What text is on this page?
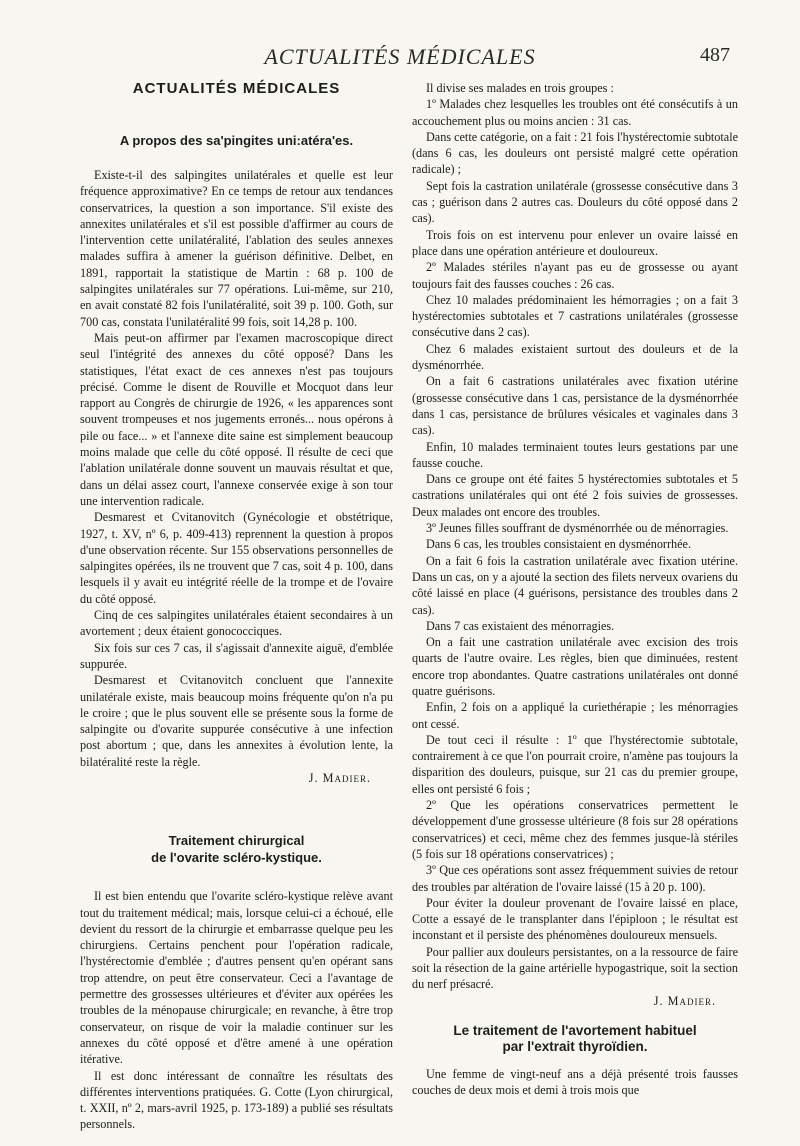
ACTUALITÉS MÉDICALES	487
ACTUALITÉS MÉDICALES
A propos des sa'pingites uni:atéra'es.

Existe-t-il des salpingites unilatérales et quelle est leur fréquence approximative? En ce temps de retour aux tendances conservatrices, la question a son importance. S'il existe des annexites unilatérales et s'il est possible d'affirmer au cours de l'intervention cette unilatéralité, l'ablation des seules annexes malades suffira à amener la guérison définitive. Delbet, en 1891, rapportait la statistique de Martin : 68 p. 100 de salpingites unilatérales sur 77 opérations. Lui-même, sur 210, en avait constaté 82 fois l'unilatéralité, soit 39 p. 100. Goth, sur 700 cas, constata l'unilatéralité 99 fois, soit 14,28 p. 100.

Mais peut-on affirmer par l'examen macroscopique direct seul l'intégrité des annexes du côté opposé? Dans les statistiques, l'état exact de ces annexes n'est pas toujours précisé. Comme le disent de Rouville et Mocquot dans leur rapport au Congrès de chirurgie de 1926, « les apparences sont souvent trompeuses et nos jugements erronés... nous opérons à pile ou face... » et l'annexe dite saine est simplement beaucoup moins malade que celle du côté opposé. Il résulte de ceci que l'ablation unilatérale donne souvent un mauvais résultat et que, dans un délai assez court, l'annexe conservée exige à son tour une intervention radicale.

Desmarest et Cvitanovitch (Gynécologie et obstétrique, 1927, t. XV, nº 6, p. 409-413) reprennent la question à propos d'une observation récente. Sur 155 observations personnelles de salpingites opérées, ils ne trouvent que 7 cas, soit 4 p. 100, dans lesquels il y avait eu intégrité réelle de la trompe et de l'ovaire du côté opposé.

Cinq de ces salpingites unilatérales étaient secondaires à un avortement ; deux étaient gonococciques.

Six fois sur ces 7 cas, il s'agissait d'annexite aiguë, d'emblée suppurée.

Desmarest et Cvitanovitch concluent que l'annexite unilatérale existe, mais beaucoup moins fréquente qu'on n'a pu le croire ; que le plus souvent elle se présente sous la forme de salpingite ou d'ovarite suppurée consécutive à une infection post abortum ; que, dans les annexites à évolution lente, la bilatéralité reste la règle.

J. Madier.

Traitement chirurgical
de l'ovarite scléro-kystique.

Il est bien entendu que l'ovarite scléro-kystique relève avant tout du traitement médical; mais, lorsque celui-ci a échoué, elle devient du ressort de la chirurgie et embarrasse quelque peu les chirurgiens. Certains penchent pour l'opération radicale, l'hystérectomie d'emblée ; d'autres pensent qu'en opérant sans trop attendre, on peut être conservateur. Ceci a l'avantage de permettre des grossesses ultérieures et d'éviter aux opérées les troubles de la ménopause chirurgicale; en revanche, à être trop conservateur, on risque de voir la maladie continuer sur les annexes du côté opposé et d'être amené à une opération itérative.

Il est donc intéressant de connaître les résultats des différentes interventions pratiquées. G. Cotte (Lyon chirurgical, t. XXII, nº 2, mars-avril 1925, p. 173-189) a publié ses résultats personnels.

Il divise ses malades en trois groupes :

1º Malades chez lesquelles les troubles ont été consécutifs à un accouchement plus ou moins ancien : 31 cas.

Dans cette catégorie, on a fait : 21 fois l'hystérectomie subtotale (dans 6 cas, les douleurs ont persisté malgré cette opération radicale) ;

Sept fois la castration unilatérale (grossesse consécutive dans 3 cas ; guérison dans 2 autres cas. Douleurs du côté opposé dans 2 cas).

Trois fois on est intervenu pour enlever un ovaire laissé en place dans une opération antérieure et douloureux.

2º Malades stériles n'ayant pas eu de grossesse ou ayant toujours fait des fausses couches : 26 cas.

Chez 10 malades prédominaient les hémorragies ; on a fait 3 hystérectomies subtotales et 7 castrations unilatérales (grossesse consécutive dans 2 cas).

Chez 6 malades existaient surtout des douleurs et de la dysménorrhée.

On a fait 6 castrations unilatérales avec fixation utérine (grossesse consécutive dans 1 cas, persistance de la dysménorrhée dans 1 cas, persistance de brûlures vésicales et vaginales dans 3 cas).

Enfin, 10 malades terminaient toutes leurs gestations par une fausse couche.

Dans ce groupe ont été faites 5 hystérectomies subtotales et 5 castrations unilatérales qui ont été 2 fois suivies de grossesses. Deux malades ont encore des troubles.

3º Jeunes filles souffrant de dysménorrhée ou de ménorragies.

Dans 6 cas, les troubles consistaient en dysménorrhée.

On a fait 6 fois la castration unilatérale avec fixation utérine. Dans un cas, on y a ajouté la section des filets nerveux ovariens du côté laissé en place (4 guérisons, persistance des troubles dans 2 cas).

Dans 7 cas existaient des ménorragies.

On a fait une castration unilatérale avec excision des trois quarts de l'autre ovaire. Les règles, bien que diminuées, restent encore trop abondantes. Quatre castrations unilatérales ont donné quatre guérisons.

Enfin, 2 fois on a appliqué la curiethérapie ; les ménorragies ont cessé.

De tout ceci il résulte : 1º que l'hystérectomie subtotale, contrairement à ce que l'on pourrait croire, n'amène pas toujours la disparition des douleurs, puisque, sur 21 cas du premier groupe, elles ont persisté 6 fois ;

2º Que les opérations conservatrices permettent le développement d'une grossesse ultérieure (8 fois sur 28 opérations conservatrices) et ceci, même chez des femmes jusque-là stériles (5 fois sur 18 opérations conservatrices) ;

3º Que ces opérations sont assez fréquemment suivies de retour des troubles par altération de l'ovaire laissé (15 à 20 p. 100).

Pour éviter la douleur provenant de l'ovaire laissé en place, Cotte a essayé de le transplanter dans l'épiploon ; le résultat est inconstant et il persiste des phénomènes douloureux mensuels.

Pour pallier aux douleurs persistantes, on a la ressource de faire soit la résection de la gaine artérielle hypogastrique, soit la section du nerf présacré.

J. Madier.

Le traitement de l'avortement habituel
par l'extrait thyroïdien.

Une femme de vingt-neuf ans a déjà présenté trois fausses couches de deux mois et demi à trois mois que
